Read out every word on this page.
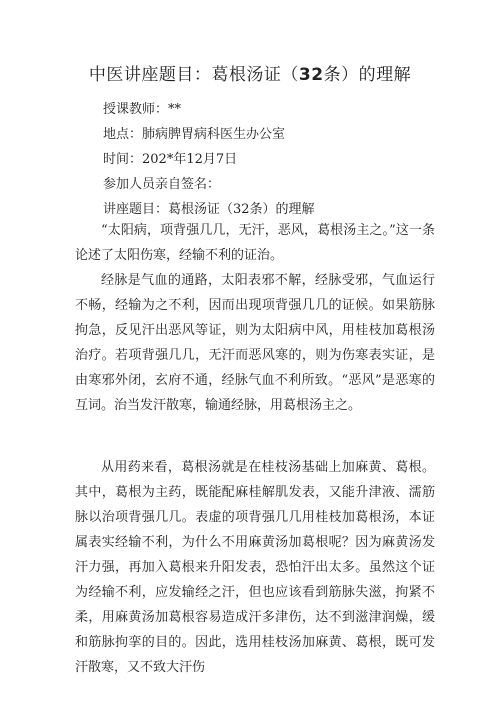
中医讲座题目：葛根汤证（32条）的理解
授课教师：**
地点：肺病脾胃病科医生办公室
时间：202*年12月7日
参加人员亲自签名：
讲座题目：葛根汤证（32条）的理解

“太阳病，项背强几几，无汗，恶风，葛根汤主之。”这一条论述了太阳伤寒，经输不利的证治。

经脉是气血的通路，太阳表邪不解，经脉受邪，气血运行不畅，经输为之不利，因而出现项背强几几的证候。如果筋脉拘急，反见汗出恶风等证，则为太阳病中风，用桂枝加葛根汤治疗。若项背强几几，无汗而恶风寒的，则为伤寒表实证，是由寒邪外闭，玄府不通，经脉气血不利所致。“恶风”是恶寒的互词。治当发汗散寒，输通经脉，用葛根汤主之。

从用药来看，葛根汤就是在桂枝汤基础上加麻黄、葛根。其中，葛根为主药，既能配麻桂解肌发表，又能升津液、濡筋脉以治项背强几几。表虚的项背强几几用桂枝加葛根汤，本证属表实经输不利，为什么不用麻黄汤加葛根呢？因为麻黄汤发汗力强，再加入葛根来升阳发表，恐怕汗出太多。虽然这个证为经输不利，应发输经之汗，但也应该看到筋脉失滋，拘紧不柔，用麻黄汤加葛根容易造成汗多津伤，达不到滋津润燥，缓和筋脉拘挛的目的。因此，选用桂枝汤加麻黄、葛根，既可发汗散寒，又不致大汗伤
